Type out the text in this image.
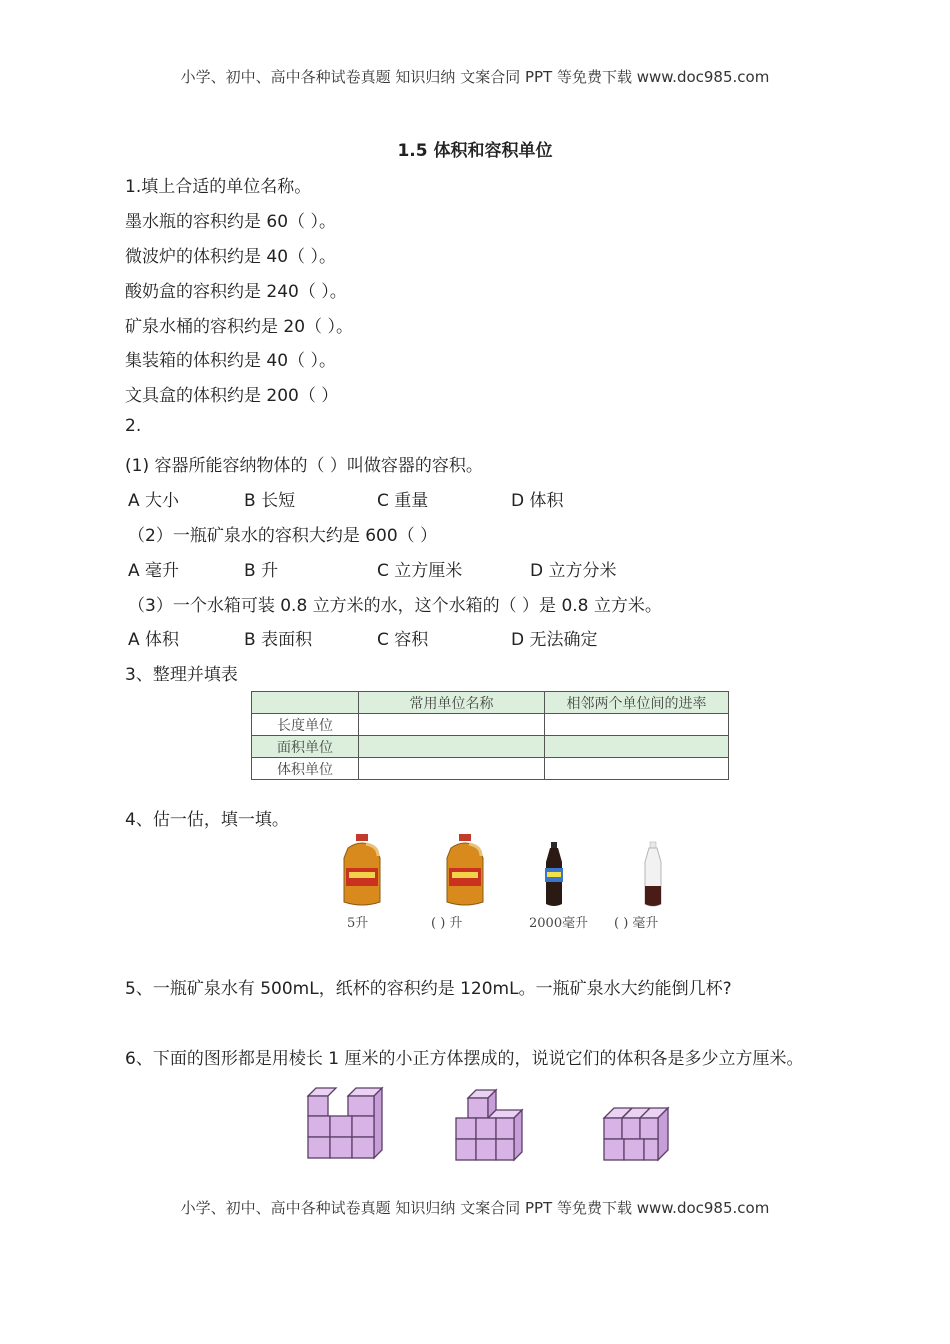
小学、初中、高中各种试卷真题 知识归纳 文案合同 PPT 等免费下载 www.doc985.com
1.5 体积和容积单位
1.填上合适的单位名称。
墨水瓶的容积约是 60（ ）。
微波炉的体积约是 40（ ）。
酸奶盒的容积约是 240（ ）。
矿泉水桶的容积约是 20（ ）。
集装箱的体积约是 40（ ）。
文具盒的体积约是 200（ ）
2.
(1) 容器所能容纳物体的（ ）叫做容器的容积。
A 大小	B 长短	C 重量	D 体积
（2）一瓶矿泉水的容积大约是 600（ ）
A 毫升	B 升	C 立方厘米	D 立方分米
（3）一个水箱可装 0.8 立方米的水，这个水箱的（ ）是 0.8 立方米。
A 体积	B 表面积	C 容积	D 无法确定
3、整理并填表
	常用单位名称	相邻两个单位间的进率
长度单位		
面积单位		
体积单位		
4、估一估，填一填。
5升	( ) 升	2000毫升 ( ) 毫升
5、一瓶矿泉水有 500mL，纸杯的容积约是 120mL。一瓶矿泉水大约能倒几杯?
6、下面的图形都是用棱长 1 厘米的小正方体摆成的，说说它们的体积各是多少立方厘米。
小学、初中、高中各种试卷真题 知识归纳 文案合同 PPT 等免费下载 www.doc985.com
